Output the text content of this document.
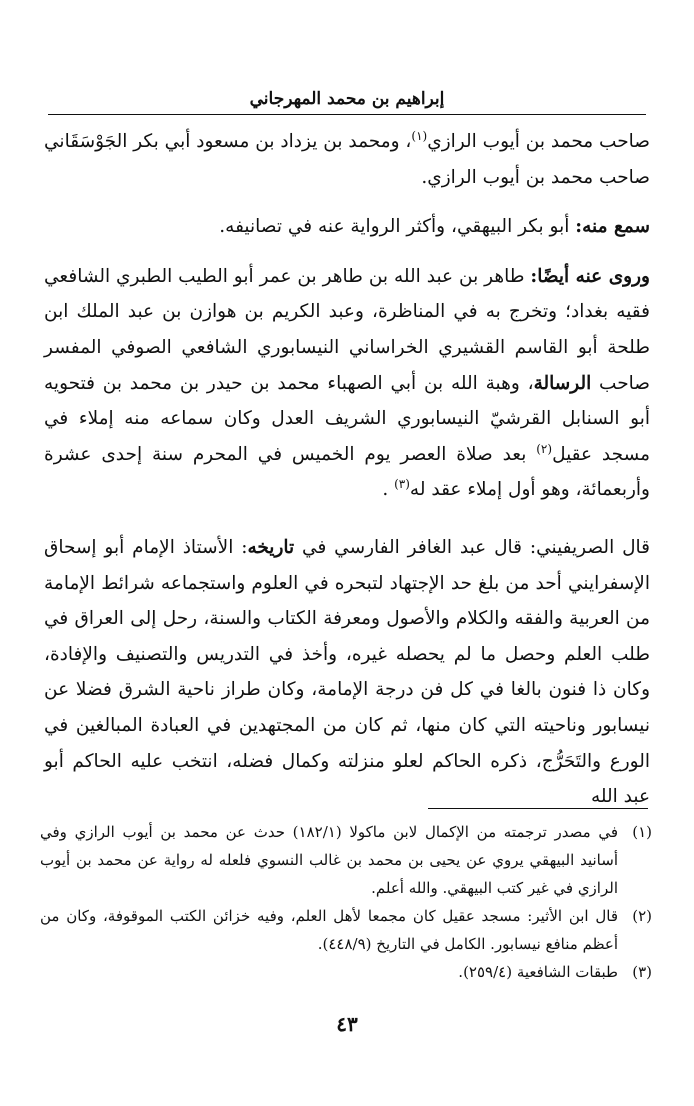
إبراهيم بن محمد المهرجاني

صاحب محمد بن أيوب الرازي$^{(١)}$، ومحمد بن يزداد بن مسعود أبي بكر الجَوْسَقَاني صاحب محمد بن أيوب الرازي.

سمع منه: أبو بكر البيهقي، وأكثر الرواية عنه في تصانيفه.

وروى عنه أيضًا: طاهر بن عبد الله بن طاهر بن عمر أبو الطيب الطبري الشافعي فقيه بغداد؛ وتخرج به في المناظرة، وعبد الكريم بن هوازن بن عبد الملك ابن طلحة أبو القاسم القشيري الخراساني النيسابوري الشافعي الصوفي المفسر صاحب الرسالة، وهبة الله بن أبي الصهباء محمد بن حيدر بن محمد بن فتحويه أبو السنابل القرشيّ النيسابوري الشريف العدل وكان سماعه منه إملاء في مسجد عقيل$^{(٢)}$ بعد صلاة العصر يوم الخميس في المحرم سنة إحدى عشرة وأربعمائة، وهو أول إملاء عقد له$^{(٣)}$ .

قال الصريفيني: قال عبد الغافر الفارسي في تاريخه: الأستاذ الإمام أبو إسحاق الإسفرايني أحد من بلغ حد الإجتهاد لتبحره في العلوم واستجماعه شرائط الإمامة من العربية والفقه والكلام والأصول ومعرفة الكتاب والسنة، رحل إلى العراق في طلب العلم وحصل ما لم يحصله غيره، وأخذ في التدريس والتصنيف والإفادة، وكان ذا فنون بالغا في كل فن درجة الإمامة، وكان طراز ناحية الشرق فضلا عن نيسابور وناحيته التي كان منها، ثم كان من المجتهدين في العبادة المبالغين في الورع والتَحَرُّج، ذكره الحاكم لعلو منزلته وكمال فضله، انتخب عليه الحاكم أبو عبد الله

(١)
في مصدر ترجمته من الإكمال لابن ماكولا (١٨٢/١) حدث عن محمد بن أيوب الرازي وفي أسانيد البيهقي يروي عن يحيى بن محمد بن غالب النسوي فلعله له رواية عن محمد بن أيوب الرازي في غير كتب البيهقي. والله أعلم.
(٢)
قال ابن الأثير: مسجد عقيل كان مجمعا لأهل العلم، وفيه خزائن الكتب الموقوفة، وكان من أعظم منافع نيسابور. الكامل في التاريخ (٤٤٨/٩).
(٣)
طبقات الشافعية (٢٥٩/٤).
٤٣
